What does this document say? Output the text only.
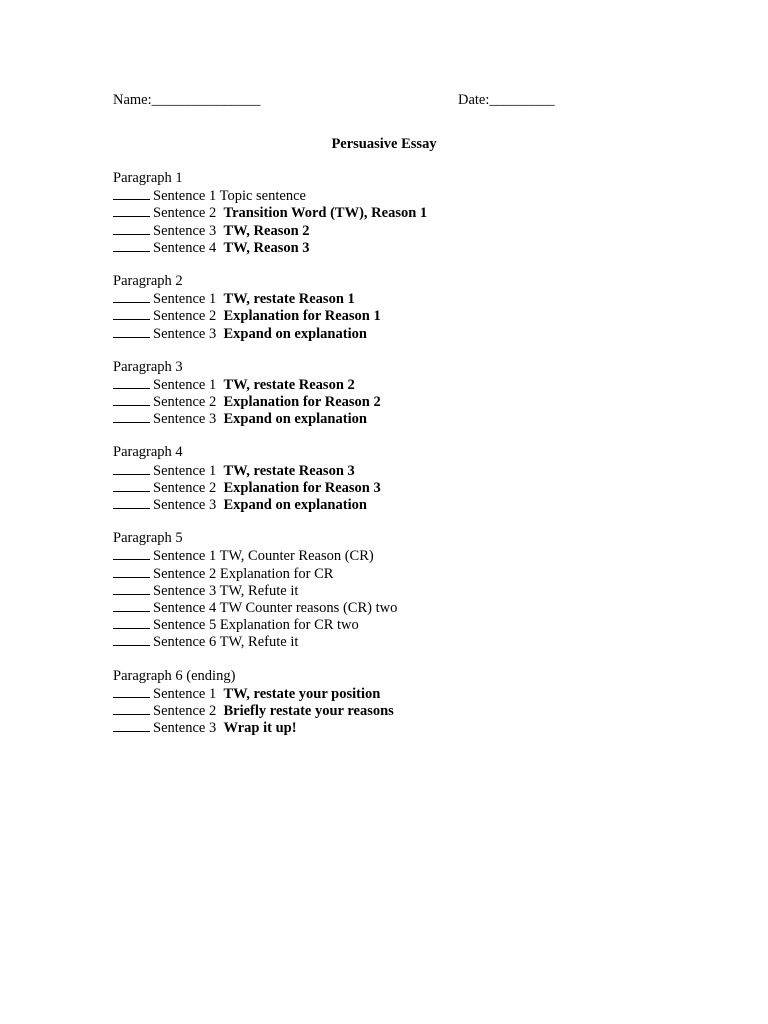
Name:_______________	Date:_________
Persuasive Essay
Paragraph 1
Sentence 1 Topic sentence
Sentence 2 Transition Word (TW), Reason 1
Sentence 3 TW, Reason 2
Sentence 4 TW, Reason 3
Paragraph 2
Sentence 1 TW, restate Reason 1
Sentence 2 Explanation for Reason 1
Sentence 3 Expand on explanation
Paragraph 3
Sentence 1 TW, restate Reason 2
Sentence 2 Explanation for Reason 2
Sentence 3 Expand on explanation
Paragraph 4
Sentence 1 TW, restate Reason 3
Sentence 2 Explanation for Reason 3
Sentence 3 Expand on explanation
Paragraph 5
Sentence 1 TW, Counter Reason (CR)
Sentence 2 Explanation for CR
Sentence 3 TW, Refute it
Sentence 4 TW Counter reasons (CR) two
Sentence 5 Explanation for CR two
Sentence 6 TW, Refute it
Paragraph 6 (ending)
Sentence 1 TW, restate your position
Sentence 2 Briefly restate your reasons
Sentence 3 Wrap it up!
